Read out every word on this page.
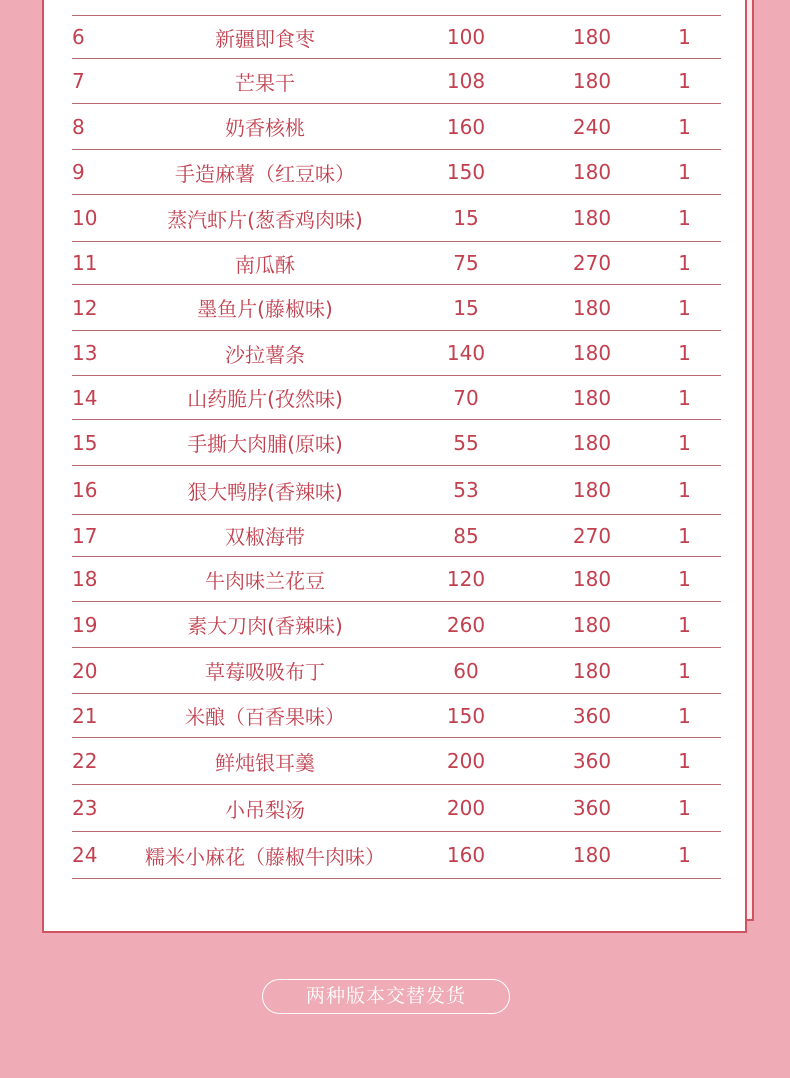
6	新疆即食枣	100	180	1
7	芒果干	108	180	1
8	奶香核桃	160	240	1
9	手造麻薯（红豆味）	150	180	1
10	蒸汽虾片(葱香鸡肉味)	15	180	1
11	南瓜酥	75	270	1
12	墨鱼片(藤椒味)	15	180	1
13	沙拉薯条	140	180	1
14	山药脆片(孜然味)	70	180	1
15	手撕大肉脯(原味)	55	180	1
16	狠大鸭脖(香辣味)	53	180	1
17	双椒海带	85	270	1
18	牛肉味兰花豆	120	180	1
19	素大刀肉(香辣味)	260	180	1
20	草莓吸吸布丁	60	180	1
21	米酿（百香果味）	150	360	1
22	鲜炖银耳羹	200	360	1
23	小吊梨汤	200	360	1
24	糯米小麻花（藤椒牛肉味）	160	180	1
两种版本交替发货
